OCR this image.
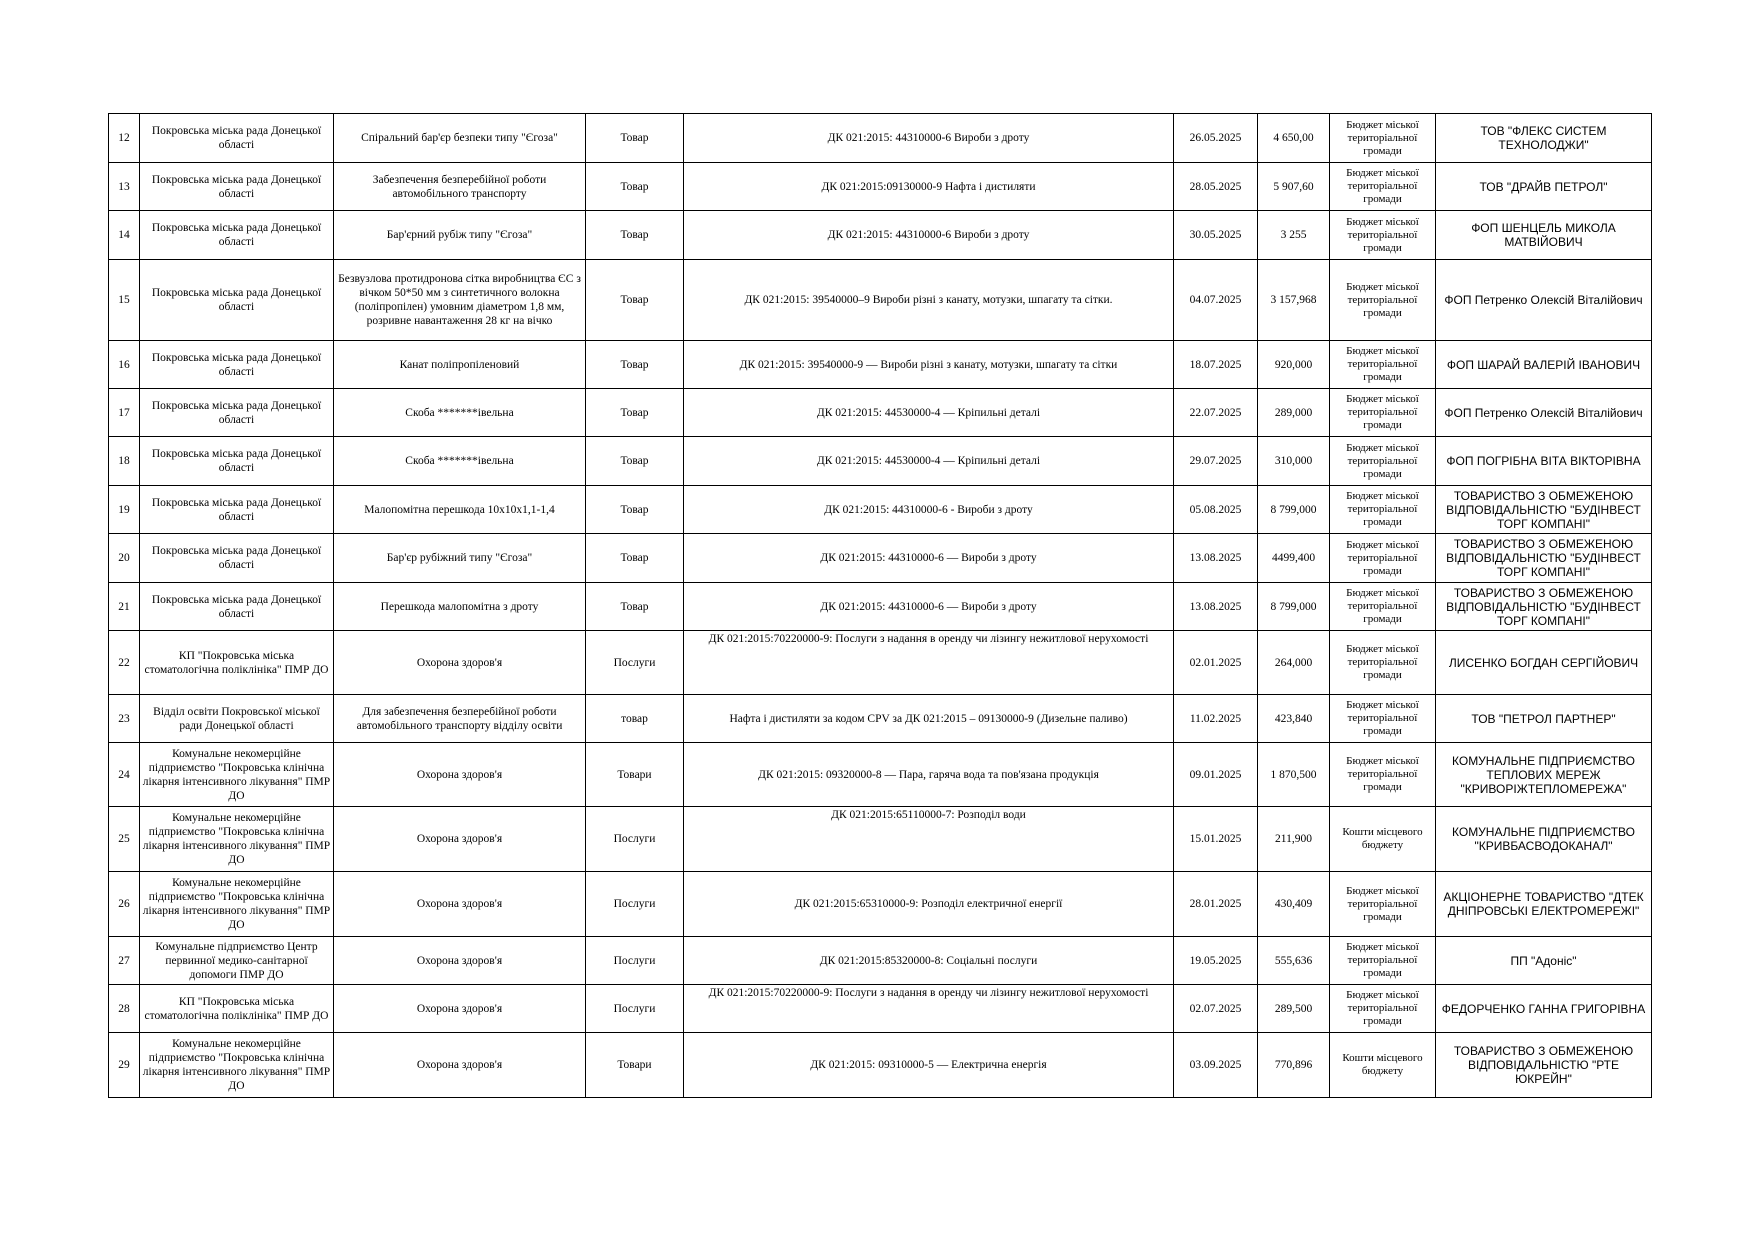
12	Покровська міська рада Донецької області	Спіральний бар'єр безпеки типу "Єгоза"	Товар	ДК 021:2015: 44310000-6 Вироби з дроту	26.05.2025	4 650,00	Бюджет міської територіальної громади	ТОВ "ФЛЕКС СИСТЕМ ТЕХНОЛОДЖИ"
13	Покровська міська рада Донецької області	Забезпечення безперебійної роботи автомобільного транспорту	Товар	ДК 021:2015:09130000-9 Нафта і дистиляти	28.05.2025	5 907,60	Бюджет міської територіальної громади	ТОВ "ДРАЙВ ПЕТРОЛ"
14	Покровська міська рада Донецької області	Бар'єрний рубіж типу "Єгоза"	Товар	ДК 021:2015: 44310000-6 Вироби з дроту	30.05.2025	3 255	Бюджет міської територіальної громади	ФОП ШЕНЦЕЛЬ МИКОЛА МАТВІЙОВИЧ
15	Покровська міська рада Донецької області	Безвузлова протидронова сітка виробництва ЄС з вічком 50*50 мм з синтетичного волокна (поліпропілен) умовним діаметром 1,8 мм, розривне навантаження 28 кг на вічко	Товар	ДК 021:2015: 39540000–9 Вироби різні з канату, мотузки, шпагату та сітки.	04.07.2025	3 157,968	Бюджет міської територіальної громади	ФОП Петренко Олексій Віталійович
16	Покровська міська рада Донецької області	Канат поліпропіленовий	Товар	ДК 021:2015: 39540000-9 — Вироби різні з канату, мотузки, шпагату та сітки	18.07.2025	920,000	Бюджет міської територіальної громади	ФОП ШАРАЙ ВАЛЕРІЙ ІВАНОВИЧ
17	Покровська міська рада Донецької області	Скоба *******івельна	Товар	ДК 021:2015: 44530000-4 — Кріпильні деталі	22.07.2025	289,000	Бюджет міської територіальної громади	ФОП Петренко Олексій Віталійович
18	Покровська міська рада Донецької області	Скоба *******івельна	Товар	ДК 021:2015: 44530000-4 — Кріпильні деталі	29.07.2025	310,000	Бюджет міської територіальної громади	ФОП ПОГРІБНА ВІТА ВІКТОРІВНА
19	Покровська міська рада Донецької області	Малопомітна перешкода 10x10x1,1-1,4	Товар	ДК 021:2015: 44310000-6 - Вироби з дроту	05.08.2025	8 799,000	Бюджет міської територіальної громади	ТОВАРИСТВО З ОБМЕЖЕНОЮ ВІДПОВІДАЛЬНІСТЮ "БУДІНВЕСТ ТОРГ КОМПАНІ"
20	Покровська міська рада Донецької області	Бар'єр рубіжний типу "Єгоза"	Товар	ДК 021:2015: 44310000-6 — Вироби з дроту	13.08.2025	4499,400	Бюджет міської територіальної громади	ТОВАРИСТВО З ОБМЕЖЕНОЮ ВІДПОВІДАЛЬНІСТЮ "БУДІНВЕСТ ТОРГ КОМПАНІ"
21	Покровська міська рада Донецької області	Перешкода малопомітна з дроту	Товар	ДК 021:2015: 44310000-6 — Вироби з дроту	13.08.2025	8 799,000	Бюджет міської територіальної громади	ТОВАРИСТВО З ОБМЕЖЕНОЮ ВІДПОВІДАЛЬНІСТЮ "БУДІНВЕСТ ТОРГ КОМПАНІ"
22	КП "Покровська міська стоматологічна поліклініка" ПМР ДО	Охорона здоров'я	Послуги	ДК 021:2015:70220000-9: Послуги з надання в оренду чи лізингу нежитлової нерухомості	02.01.2025	264,000	Бюджет міської територіальної громади	ЛИСЕНКО БОГДАН СЕРГІЙОВИЧ
23	Відділ освіти Покровської міської ради Донецької області	Для забезпечення безперебійної роботи автомобільного транспорту відділу освіти	товар	Нафта і дистиляти за кодом CPV за ДК 021:2015 – 09130000-9 (Дизельне паливо)	11.02.2025	423,840	Бюджет міської територіальної громади	ТОВ "ПЕТРОЛ ПАРТНЕР"
24	Комунальне некомерційне підприємство "Покровська клінічна лікарня інтенсивного лікування" ПМР ДО	Охорона здоров'я	Товари	ДК 021:2015: 09320000-8 — Пара, гаряча вода та пов'язана продукція	09.01.2025	1 870,500	Бюджет міської територіальної громади	КОМУНАЛЬНЕ ПІДПРИЄМСТВО ТЕПЛОВИХ МЕРЕЖ "КРИВОРІЖТЕПЛОМЕРЕЖА"
25	Комунальне некомерційне підприємство "Покровська клінічна лікарня інтенсивного лікування" ПМР ДО	Охорона здоров'я	Послуги	ДК 021:2015:65110000-7: Розподіл води	15.01.2025	211,900	Кошти місцевого бюджету	КОМУНАЛЬНЕ ПІДПРИЄМСТВО "КРИВБАСВОДОКАНАЛ"
26	Комунальне некомерційне підприємство "Покровська клінічна лікарня інтенсивного лікування" ПМР ДО	Охорона здоров'я	Послуги	ДК 021:2015:65310000-9: Розподіл електричної енергії	28.01.2025	430,409	Бюджет міської територіальної громади	АКЦІОНЕРНЕ ТОВАРИСТВО "ДТЕК ДНІПРОВСЬКІ ЕЛЕКТРОМЕРЕЖІ"
27	Комунальне підприємство Центр первинної медико-санітарної допомоги ПМР ДО	Охорона здоров'я	Послуги	ДК 021:2015:85320000-8: Соціальні послуги	19.05.2025	555,636	Бюджет міської територіальної громади	ПП "Адоніс"
28	КП "Покровська міська стоматологічна поліклініка" ПМР ДО	Охорона здоров'я	Послуги	ДК 021:2015:70220000-9: Послуги з надання в оренду чи лізингу нежитлової нерухомості	02.07.2025	289,500	Бюджет міської територіальної громади	ФЕДОРЧЕНКО ГАННА ГРИГОРІВНА
29	Комунальне некомерційне підприємство "Покровська клінічна лікарня інтенсивного лікування" ПМР ДО	Охорона здоров'я	Товари	ДК 021:2015: 09310000-5 — Електрична енергія	03.09.2025	770,896	Кошти місцевого бюджету	ТОВАРИСТВО З ОБМЕЖЕНОЮ ВІДПОВІДАЛЬНІСТЮ "РТЕ ЮКРЕЙН"
